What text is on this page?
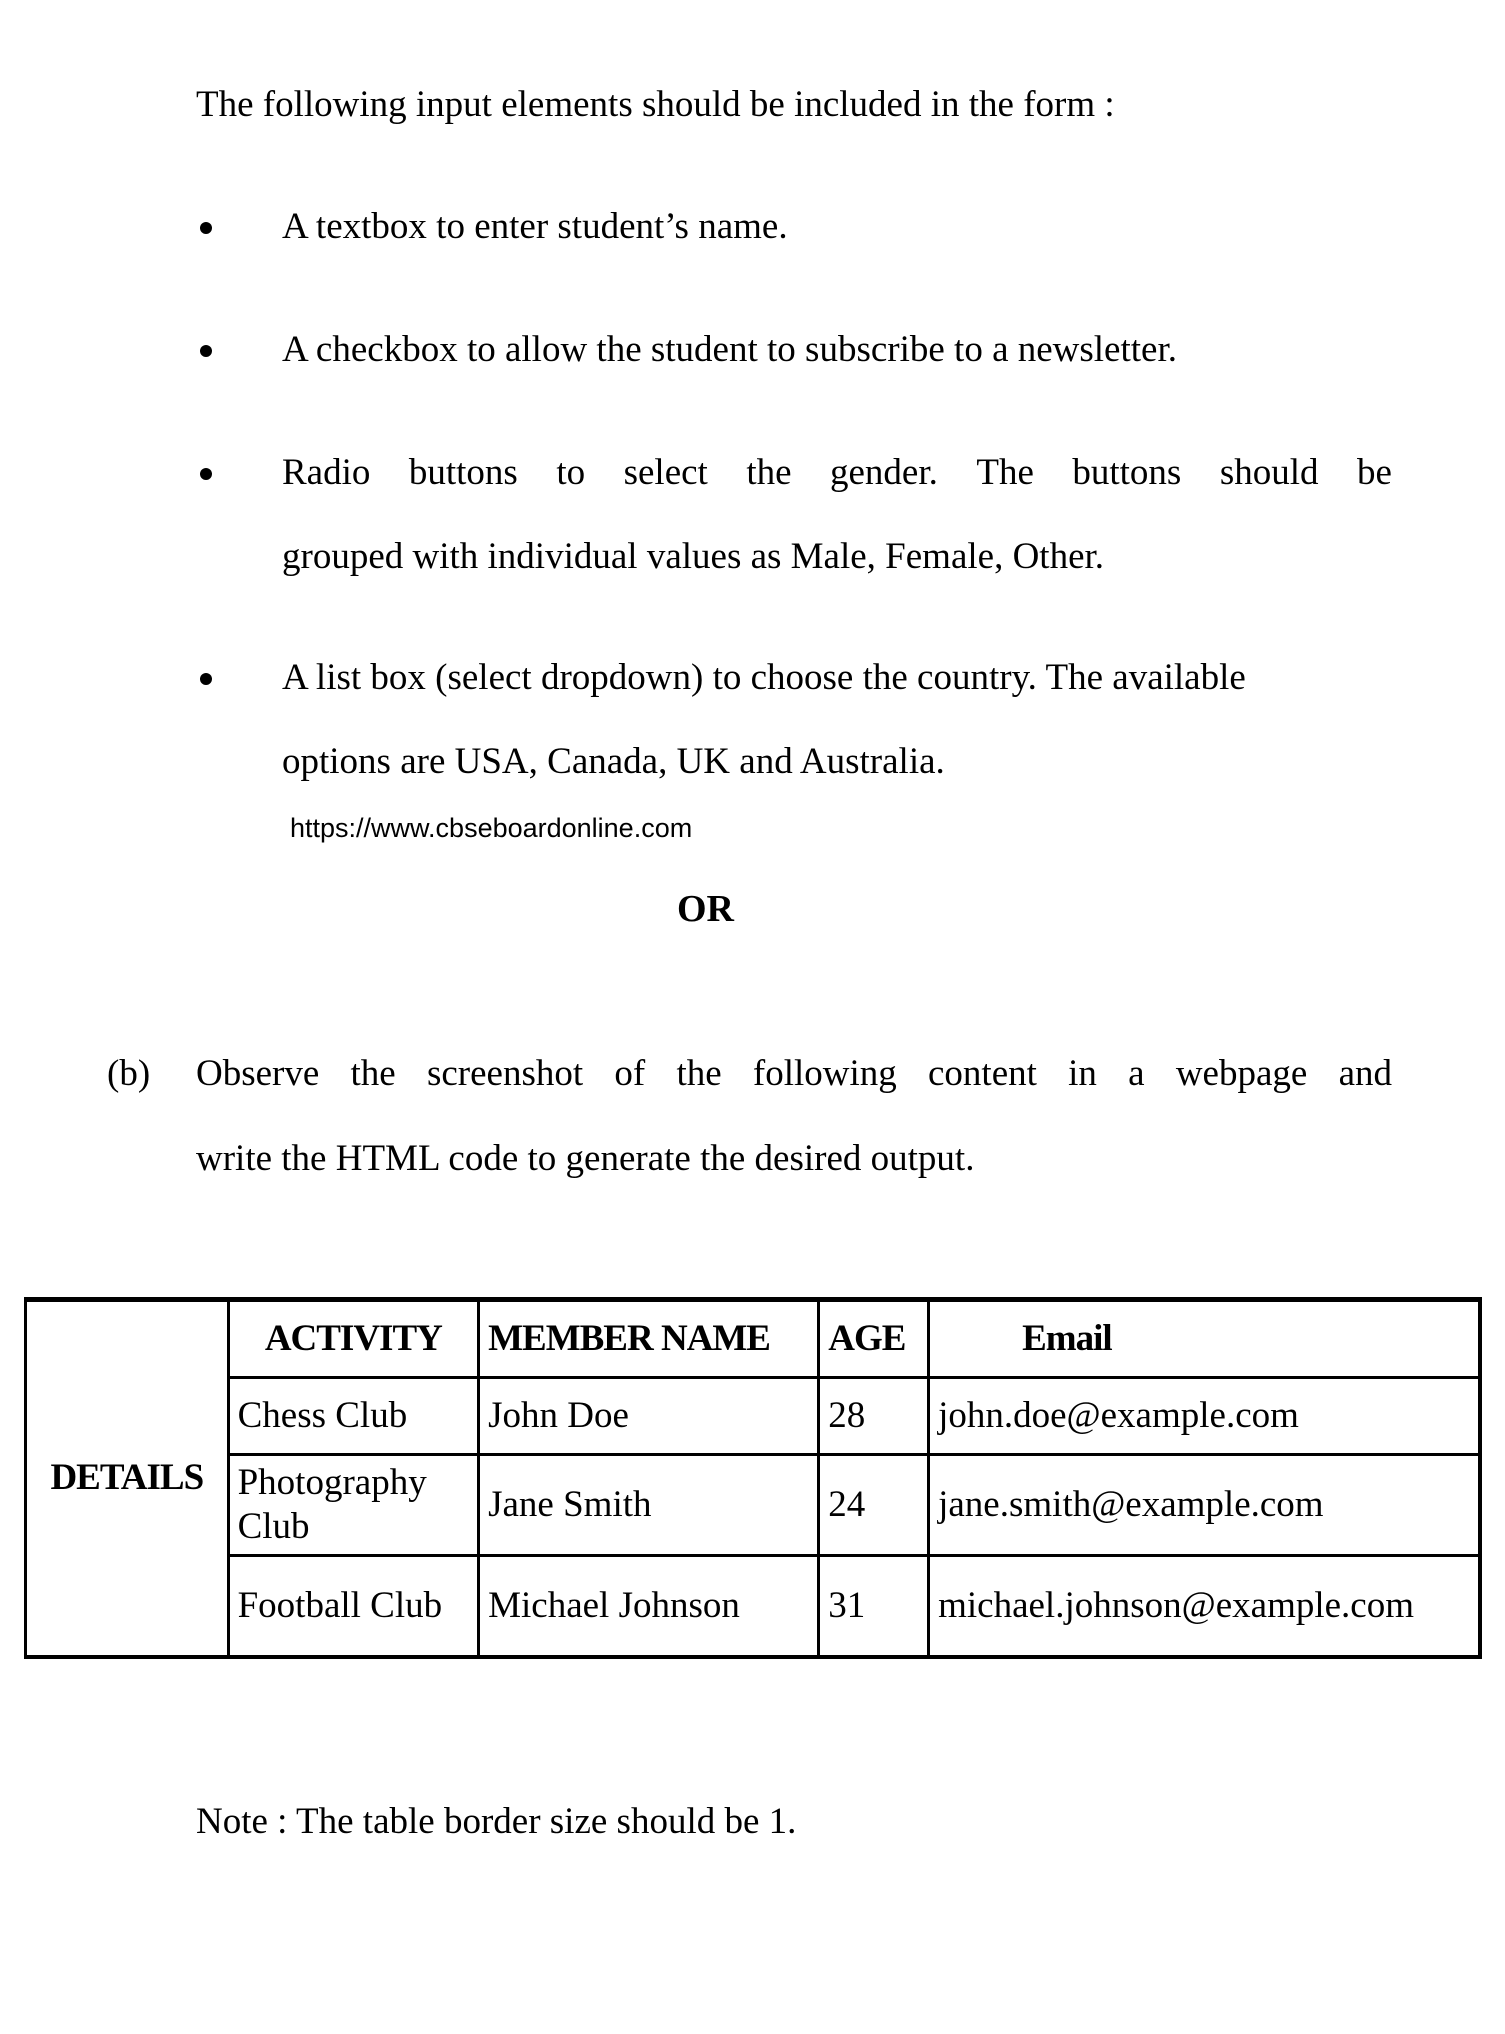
The following input elements should be included in the form :
A textbox to enter student’s name.
A checkbox to allow the student to subscribe to a newsletter.
Radio buttons to select the gender. The buttons should be
grouped with individual values as Male, Female, Other.
A list box (select dropdown) to choose the country. The available
options are USA, Canada, UK and Australia.
https://www.cbseboardonline.com
OR
(b) Observe the screenshot of the following content in a webpage and
write the HTML code to generate the desired output.
DETAILS	ACTIVITY	MEMBER NAME	AGE	Email
	Chess Club	John Doe	28	john.doe@example.com
	Photography Club	Jane Smith	24	jane.smith@example.com
	Football Club	Michael Johnson	31	michael.johnson@example.com
Note : The table border size should be 1.
